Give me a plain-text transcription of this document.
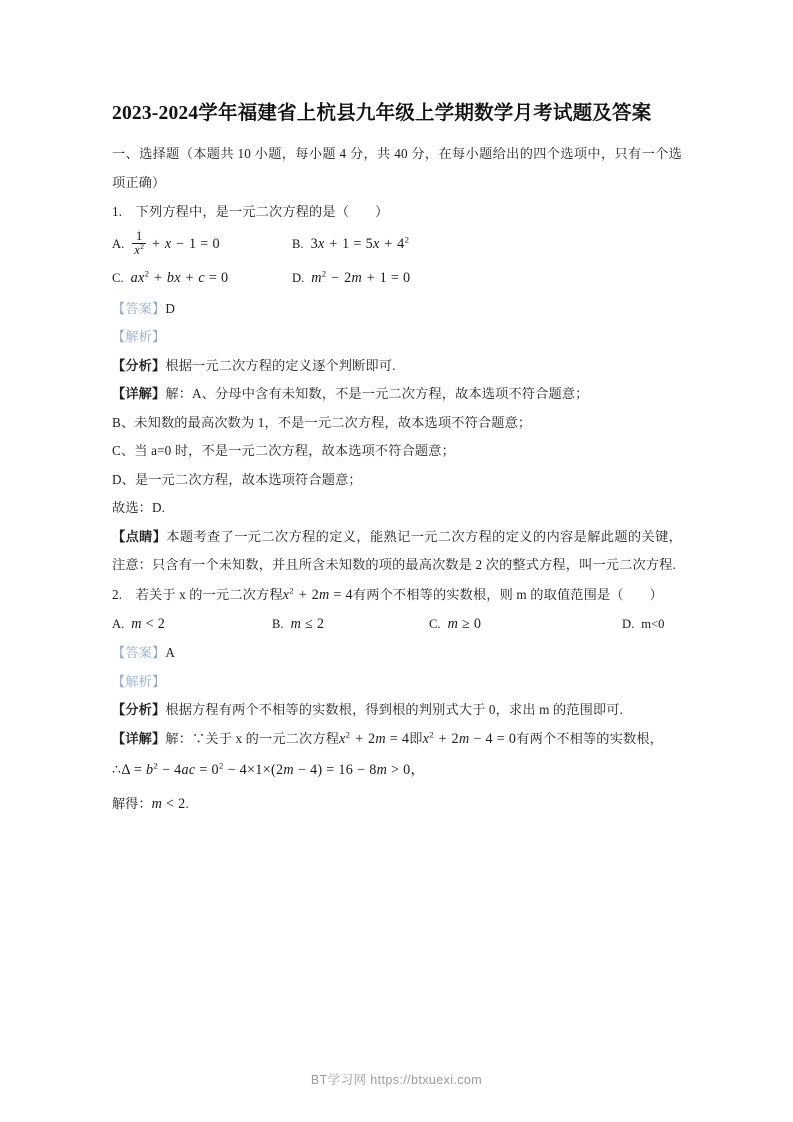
2023-2024学年福建省上杭县九年级上学期数学月考试题及答案

一、选择题（本题共 10 小题，每小题 4 分，共 40 分，在每小题给出的四个选项中，只有一个选项正确）

1. 下列方程中，是一元二次方程的是（ ）

A. $\frac{1}{x^2} + x - 1 = 0$	B. $3x + 1 = 5x + 4^2$
C. $ax^2$ + bx + c = 0	D. $m^2 - 2m + 1 = 0$

【答案】D

【解析】

【分析】根据一元二次方程的定义逐个判断即可.

【详解】解：A、分母中含有未知数，不是一元二次方程，故本选项不符合题意；

B、未知数的最高次数为 1，不是一元二次方程，故本选项不符合题意；

C、当 a=0 时，不是一元二次方程，故本选项不符合题意；

D、是一元二次方程，故本选项符合题意；

故选：D.

【点睛】本题考查了一元二次方程的定义，能熟记一元二次方程的定义的内容是解此题的关键，注意：只含有一个未知数，并且所含未知数的项的最高次数是 2 次的整式方程，叫一元二次方程.

2. 若关于 x 的一元二次方程$x^2 + 2m = 4$有两个不相等的实数根，则 m 的取值范围是（ ）

A. m < 2	B. m ≤ 2	C. m ≥ 0	D. m<0

【答案】A

【解析】

【分析】根据方程有两个不相等的实数根，得到根的判别式大于 0，求出 m 的范围即可.

【详解】解：∵关于 x 的一元二次方程$x^2 + 2m = 4$即$x^2 + 2m - 4 = 0$有两个不相等的实数根，

∴Δ = $b^2 - 4ac = 0^2 - 4\times 1\times(2m - 4) = 16 - 8m > 0$，

解得：m < 2.

BT学习网 https://btxuexi.com
